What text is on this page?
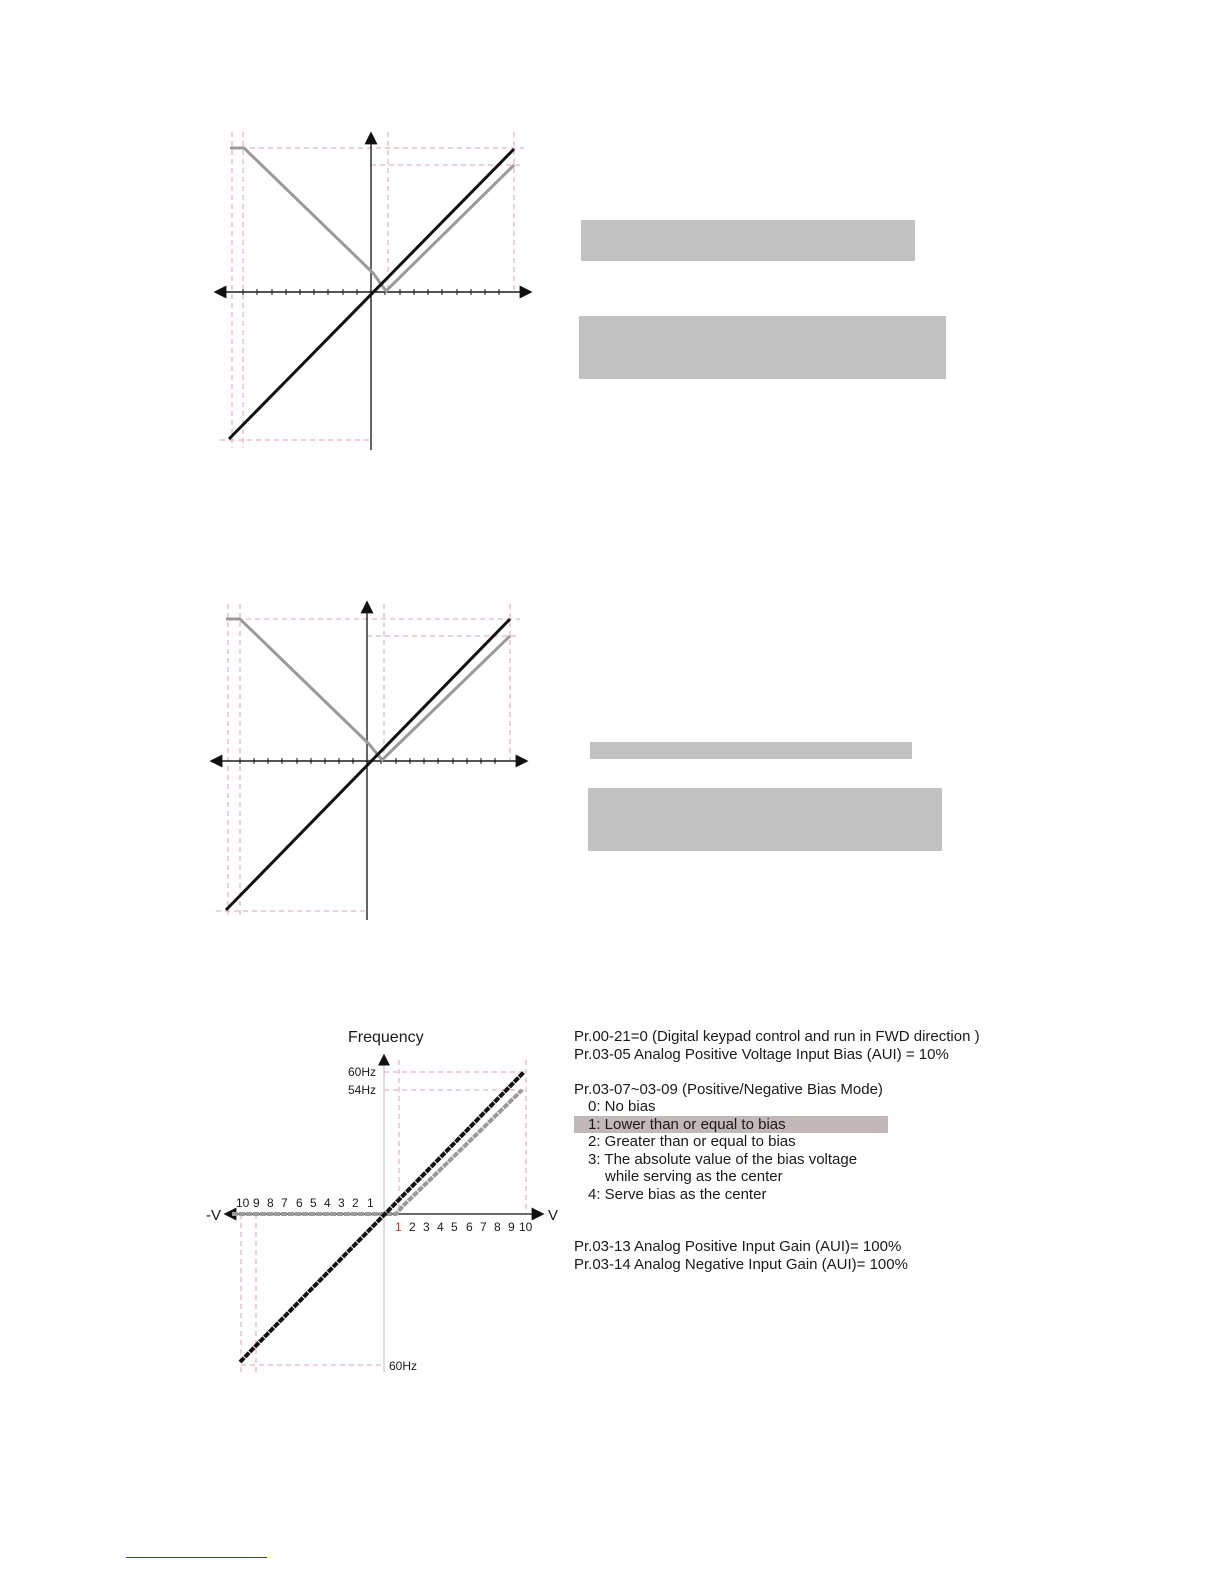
Frequency
60Hz
54Hz
60Hz
V
-V
10 9 8 7 6 5 4 3 2 1
1 2 3 4 5 6 7 8 9 10
Pr.00-21=0 (Digital keypad control and run in FWD direction )
Pr.03-05 Analog Positive Voltage Input Bias (AUI) = 10%
Pr.03-07~03-09 (Positive/Negative Bias Mode)
0: No bias
1: Lower than or equal to bias
2: Greater than or equal to bias
3: The absolute value of the bias voltage
while serving as the center
4: Serve bias as the center
Pr.03-13 Analog Positive Input Gain (AUI)= 100%
Pr.03-14 Analog Negative Input Gain (AUI)= 100%
